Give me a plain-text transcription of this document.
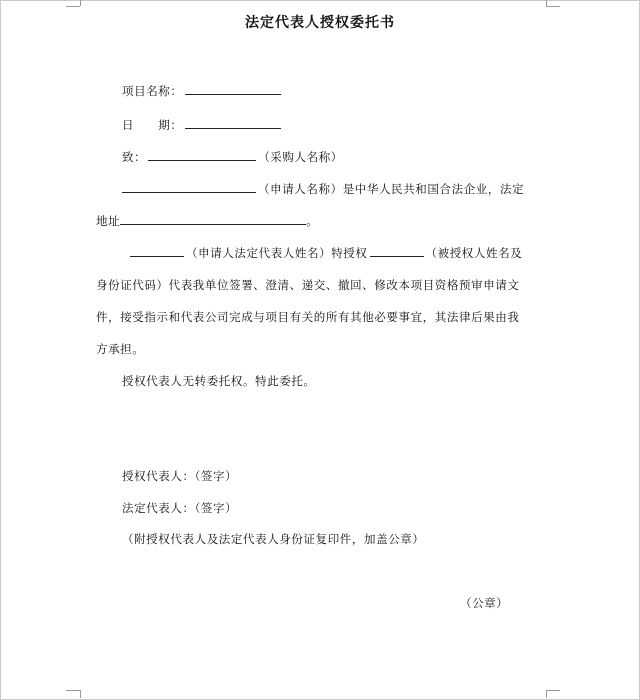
法定代表人授权委托书
项目名称：
日　　期：
致：	（采购人名称）
（申请人名称）是中华人民共和国合法企业，法定
地址	。
（申请人法定代表人姓名）特授权	（被授权人姓名及
身份证代码）代表我单位签署、澄清、递交、撤回、修改本项目资格预审申请文
件，接受指示和代表公司完成与项目有关的所有其他必要事宜，其法律后果由我
方承担。
授权代表人无转委托权。特此委托。
授权代表人：（签字）
法定代表人：（签字）
（附授权代表人及法定代表人身份证复印件，加盖公章）
（公章）
